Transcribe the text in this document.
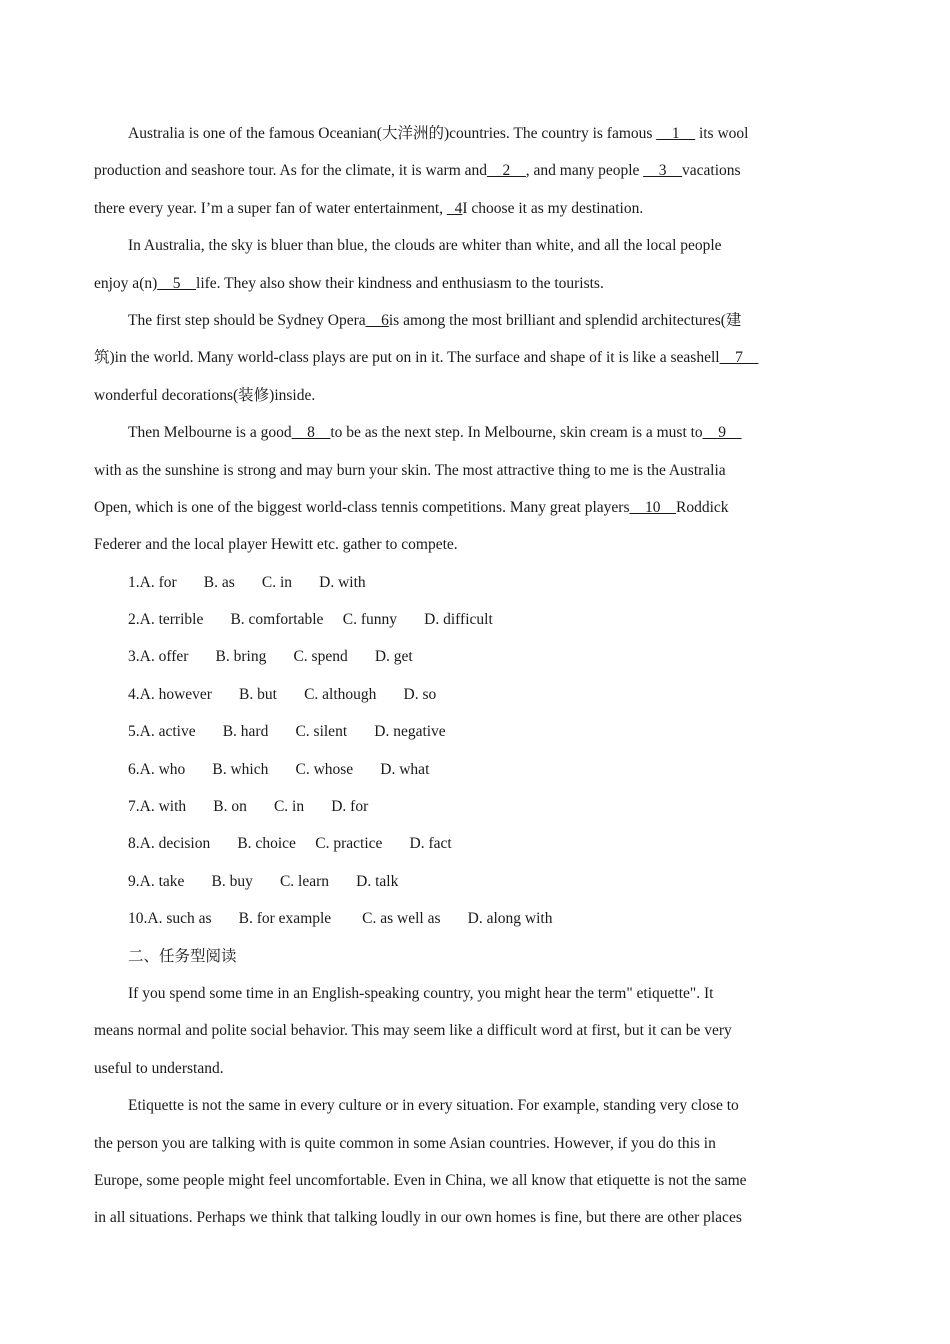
Australia is one of the famous Oceanian(大洋洲的)countries. The country is famous __1__ its wool
production and seashore tour. As for the climate, it is warm and__2__, and many people __3__vacations
there every year. I’m a super fan of water entertainment, _4I choose it as my destination.
In Australia, the sky is bluer than blue, the clouds are whiter than white, and all the local people
enjoy a(n)__5__life. They also show their kindness and enthusiasm to the tourists.
The first step should be Sydney Opera__6is among the most brilliant and splendid architectures(建
筑)in the world. Many world-class plays are put on in it. The surface and shape of it is like a seashell__7__
wonderful decorations(装修)inside.
Then Melbourne is a good__8__to be as the next step. In Melbourne, skin cream is a must to__9__
with as the sunshine is strong and may burn your skin. The most attractive thing to me is the Australia
Open, which is one of the biggest world-class tennis competitions. Many great players__10__Roddick
Federer and the local player Hewitt etc. gather to compete.
1.A. for       B. as       C. in       D. with
2.A. terrible       B. comfortable     C. funny       D. difficult
3.A. offer       B. bring       C. spend       D. get
4.A. however       B. but       C. although       D. so
5.A. active       B. hard       C. silent       D. negative
6.A. who       B. which       C. whose       D. what
7.A. with       B. on       C. in       D. for
8.A. decision       B. choice     C. practice       D. fact
9.A. take       B. buy       C. learn       D. talk
10.A. such as       B. for example        C. as well as       D. along with
二、任务型阅读
If you spend some time in an English-speaking country, you might hear the term" etiquette". It
means normal and polite social behavior. This may seem like a difficult word at first, but it can be very
useful to understand.
Etiquette is not the same in every culture or in every situation. For example, standing very close to
the person you are talking with is quite common in some Asian countries. However, if you do this in
Europe, some people might feel uncomfortable. Even in China, we all know that etiquette is not the same
in all situations. Perhaps we think that talking loudly in our own homes is fine, but there are other places
